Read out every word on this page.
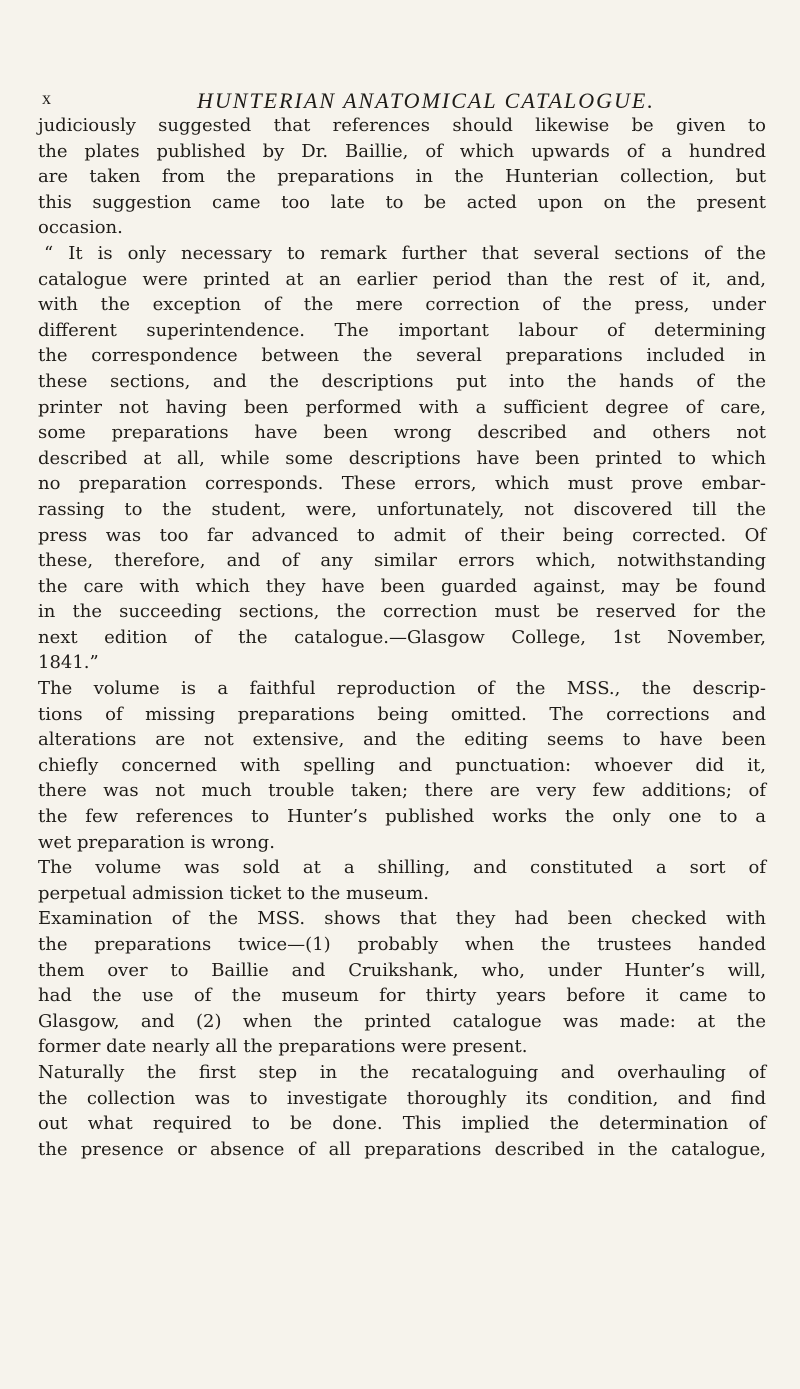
x	HUNTERIAN ANATOMICAL CATALOGUE.
judiciously suggested that references should likewise be given to
the plates published by Dr. Baillie, of which upwards of a hundred
are taken from the preparations in the Hunterian collection, but
this suggestion came too late to be acted upon on the present
occasion.
“ It is only necessary to remark further that several sections of the
catalogue were printed at an earlier period than the rest of it, and,
with the exception of the mere correction of the press, under
different superintendence. The important labour of determining
the correspondence between the several preparations included in
these sections, and the descriptions put into the hands of the
printer not having been performed with a sufficient degree of care,
some preparations have been wrong described and others not
described at all, while some descriptions have been printed to which
no preparation corresponds. These errors, which must prove embar-
rassing to the student, were, unfortunately, not discovered till the
press was too far advanced to admit of their being corrected. Of
these, therefore, and of any similar errors which, notwithstanding
the care with which they have been guarded against, may be found
in the succeeding sections, the correction must be reserved for the
next edition of the catalogue.—Glasgow College, 1st November,
1841.”
The volume is a faithful reproduction of the MSS., the descrip-
tions of missing preparations being omitted. The corrections and
alterations are not extensive, and the editing seems to have been
chiefly concerned with spelling and punctuation: whoever did it,
there was not much trouble taken; there are very few additions; of
the few references to Hunter’s published works the only one to a
wet preparation is wrong.
The volume was sold at a shilling, and constituted a sort of
perpetual admission ticket to the museum.
Examination of the MSS. shows that they had been checked with
the preparations twice—(1) probably when the trustees handed
them over to Baillie and Cruikshank, who, under Hunter’s will,
had the use of the museum for thirty years before it came to
Glasgow, and (2) when the printed catalogue was made: at the
former date nearly all the preparations were present.
Naturally the first step in the recataloguing and overhauling of
the collection was to investigate thoroughly its condition, and find
out what required to be done. This implied the determination of
the presence or absence of all preparations described in the catalogue,
